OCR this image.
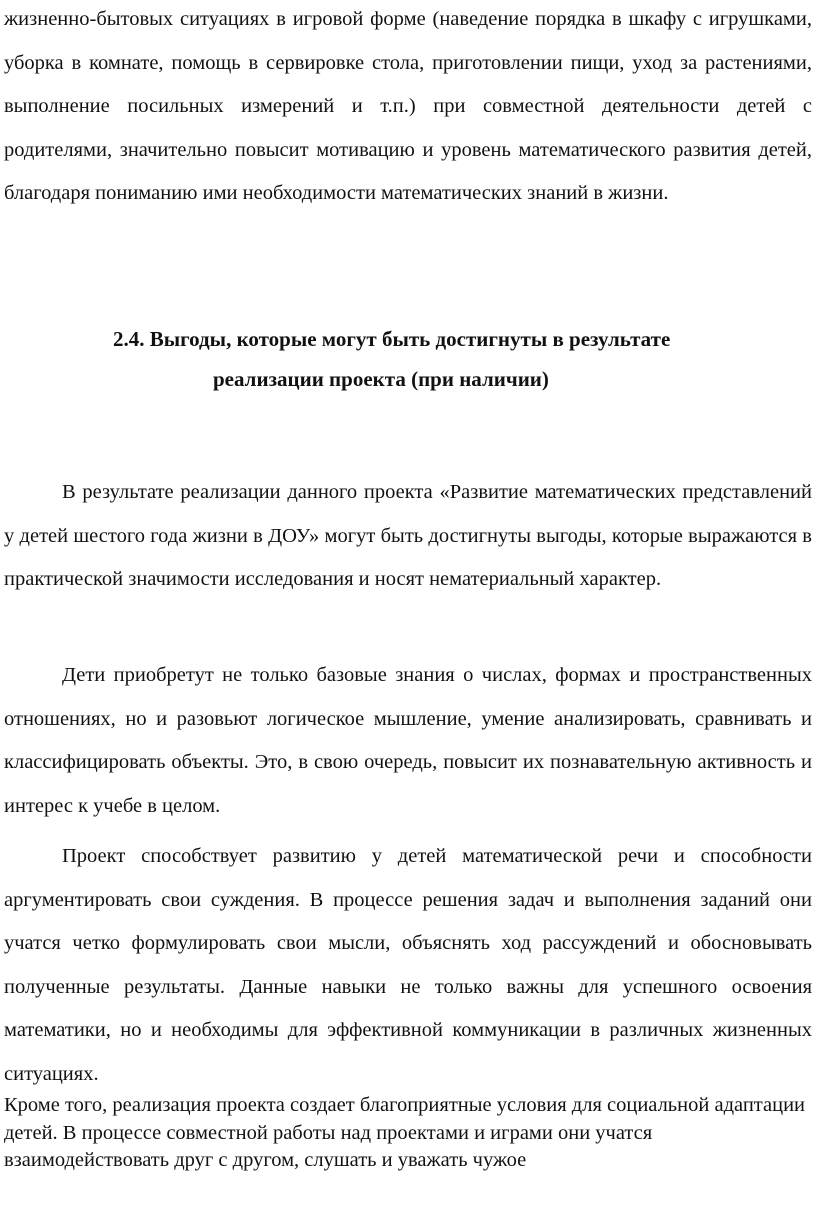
жизненно-бытовых ситуациях в игровой форме (наведение порядка в шкафу с игрушками, уборка в комнате, помощь в сервировке стола, приготовлении пищи, уход за растениями, выполнение посильных измерений и т.п.) при совместной деятельности детей с родителями, значительно повысит мотивацию и уровень математического развития детей, благодаря пониманию ими необходимости математических знаний в жизни.

2.4. Выгоды, которые могут быть достигнуты в результате
реализации проекта (при наличии)

В результате реализации данного проекта «Развитие математических представлений у детей шестого года жизни в ДОУ» могут быть достигнуты выгоды, которые выражаются в практической значимости исследования и носят нематериальный характер.

Дети приобретут не только базовые знания о числах, формах и пространственных отношениях, но и разовьют логическое мышление, умение анализировать, сравнивать и классифицировать объекты. Это, в свою очередь, повысит их познавательную активность и интерес к учебе в целом.

Проект способствует развитию у детей математической речи и способности аргументировать свои суждения. В процессе решения задач и выполнения заданий они учатся четко формулировать свои мысли, объяснять ход рассуждений и обосновывать полученные результаты. Данные навыки не только важны для успешного освоения математики, но и необходимы для эффективной коммуникации в различных жизненных ситуациях.

Кроме того, реализация проекта создает благоприятные условия для социальной адаптации детей. В процессе совместной работы над проектами и играми они учатся взаимодействовать друг с другом, слушать и уважать чужое
